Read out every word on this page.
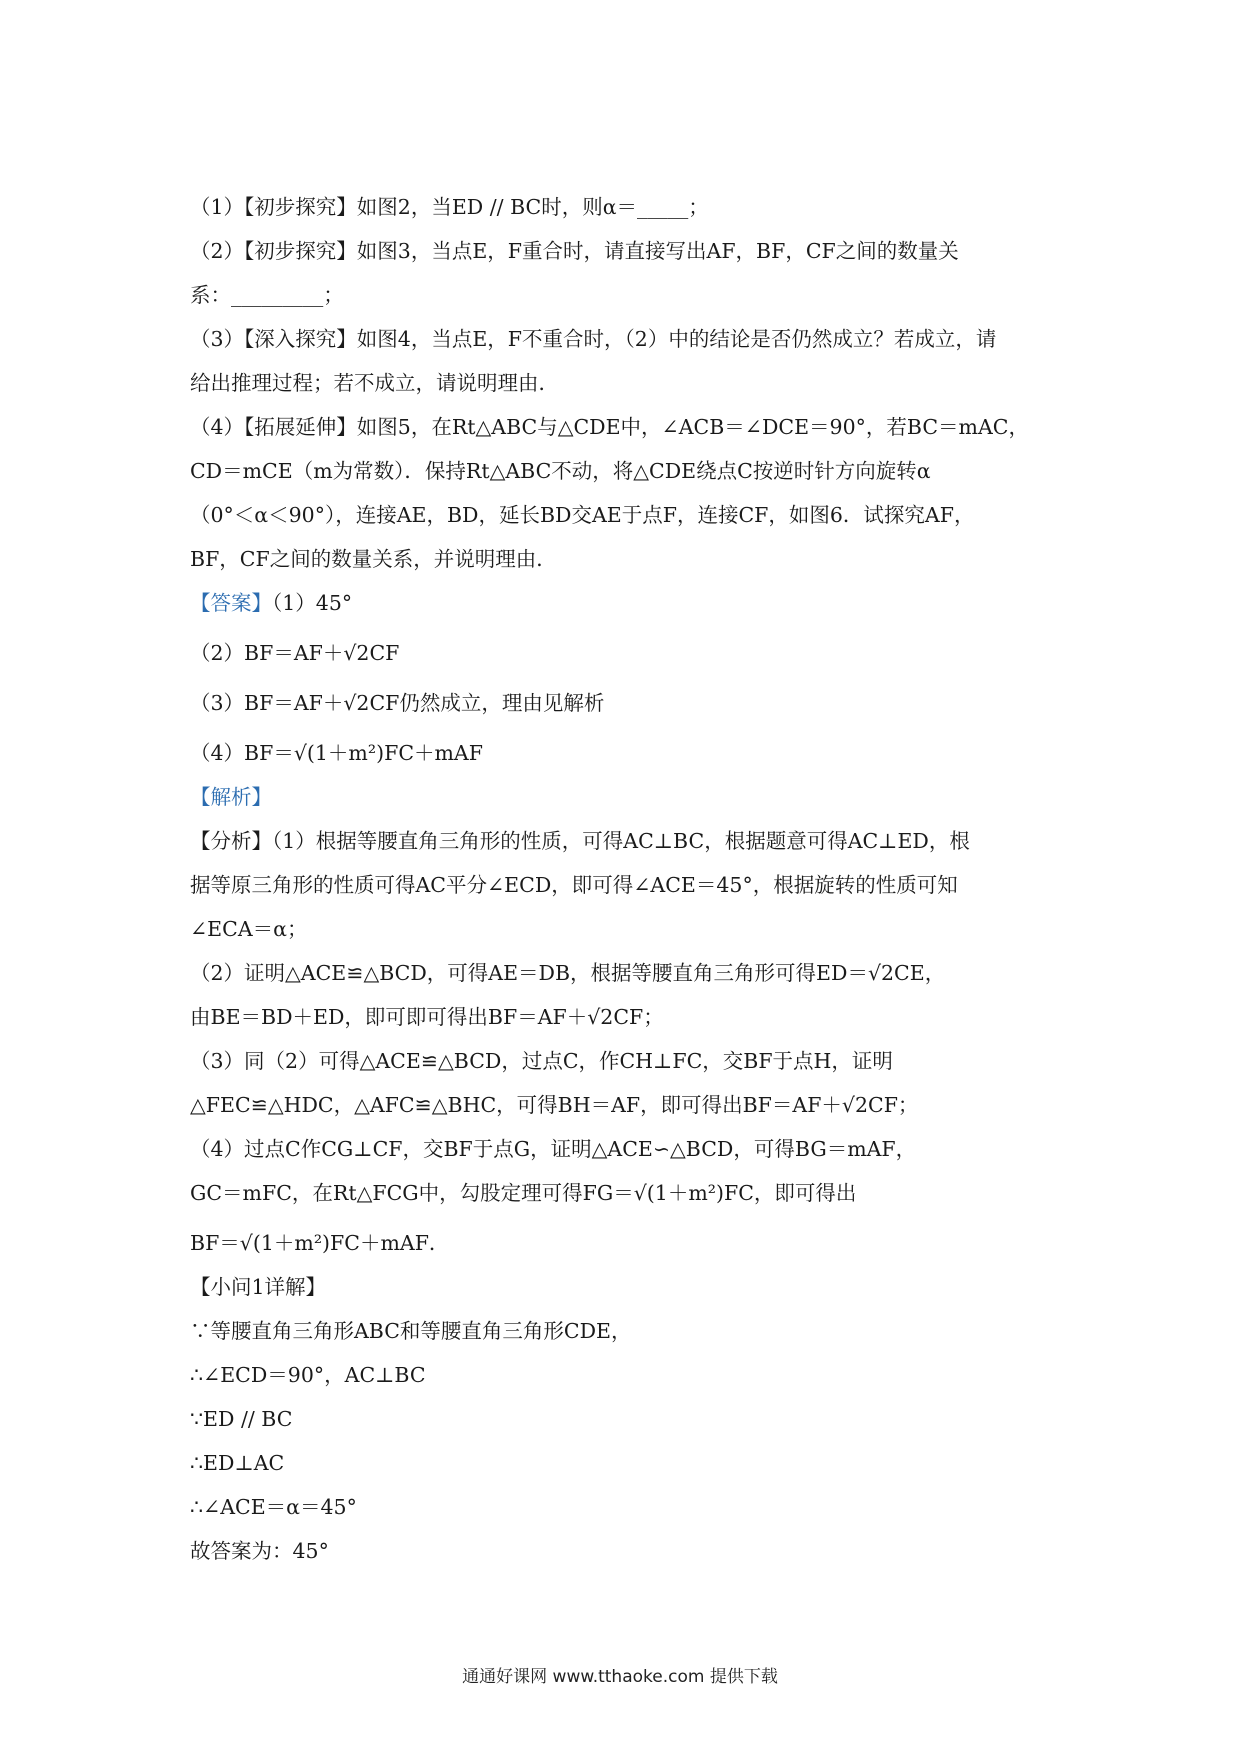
（1）【初步探究】如图2，当ED // BC时，则α＝_____；
（2）【初步探究】如图3，当点E，F重合时，请直接写出AF，BF，CF之间的数量关
系：_________；
（3）【深入探究】如图4，当点E，F不重合时，（2）中的结论是否仍然成立？若成立，请
给出推理过程；若不成立，请说明理由．
（4）【拓展延伸】如图5，在Rt△ABC与△CDE中，∠ACB＝∠DCE＝90°，若BC＝mAC，
CD＝mCE（m为常数）．保持Rt△ABC不动，将△CDE绕点C按逆时针方向旋转α
（0°＜α＜90°），连接AE，BD，延长BD交AE于点F，连接CF，如图6．试探究AF，
BF，CF之间的数量关系，并说明理由．
【答案】（1）45°
（2）BF＝AF＋√2CF
（3）BF＝AF＋√2CF仍然成立，理由见解析
（4）BF＝√(1＋m²)FC＋mAF
【解析】
【分析】（1）根据等腰直角三角形的性质，可得AC⊥BC，根据题意可得AC⊥ED，根
据等原三角形的性质可得AC平分∠ECD，即可得∠ACE＝45°，根据旋转的性质可知
∠ECA＝α；
（2）证明△ACE≌△BCD，可得AE＝DB，根据等腰直角三角形可得ED＝√2CE，
由BE＝BD＋ED，即可即可得出BF＝AF＋√2CF；
（3）同（2）可得△ACE≌△BCD，过点C，作CH⊥FC，交BF于点H，证明
△FEC≌△HDC，△AFC≌△BHC，可得BH＝AF，即可得出BF＝AF＋√2CF；
（4）过点C作CG⊥CF，交BF于点G，证明△ACE∽△BCD，可得BG＝mAF，
GC＝mFC，在Rt△FCG中，勾股定理可得FG＝√(1＋m²)FC，即可得出
BF＝√(1＋m²)FC＋mAF．
【小问1详解】
∵等腰直角三角形ABC和等腰直角三角形CDE，
∴∠ECD＝90°，AC⊥BC
∵ED // BC
∴ED⊥AC
∴∠ACE＝α＝45°
故答案为：45°
通通好课网 www.tthaoke.com 提供下载
